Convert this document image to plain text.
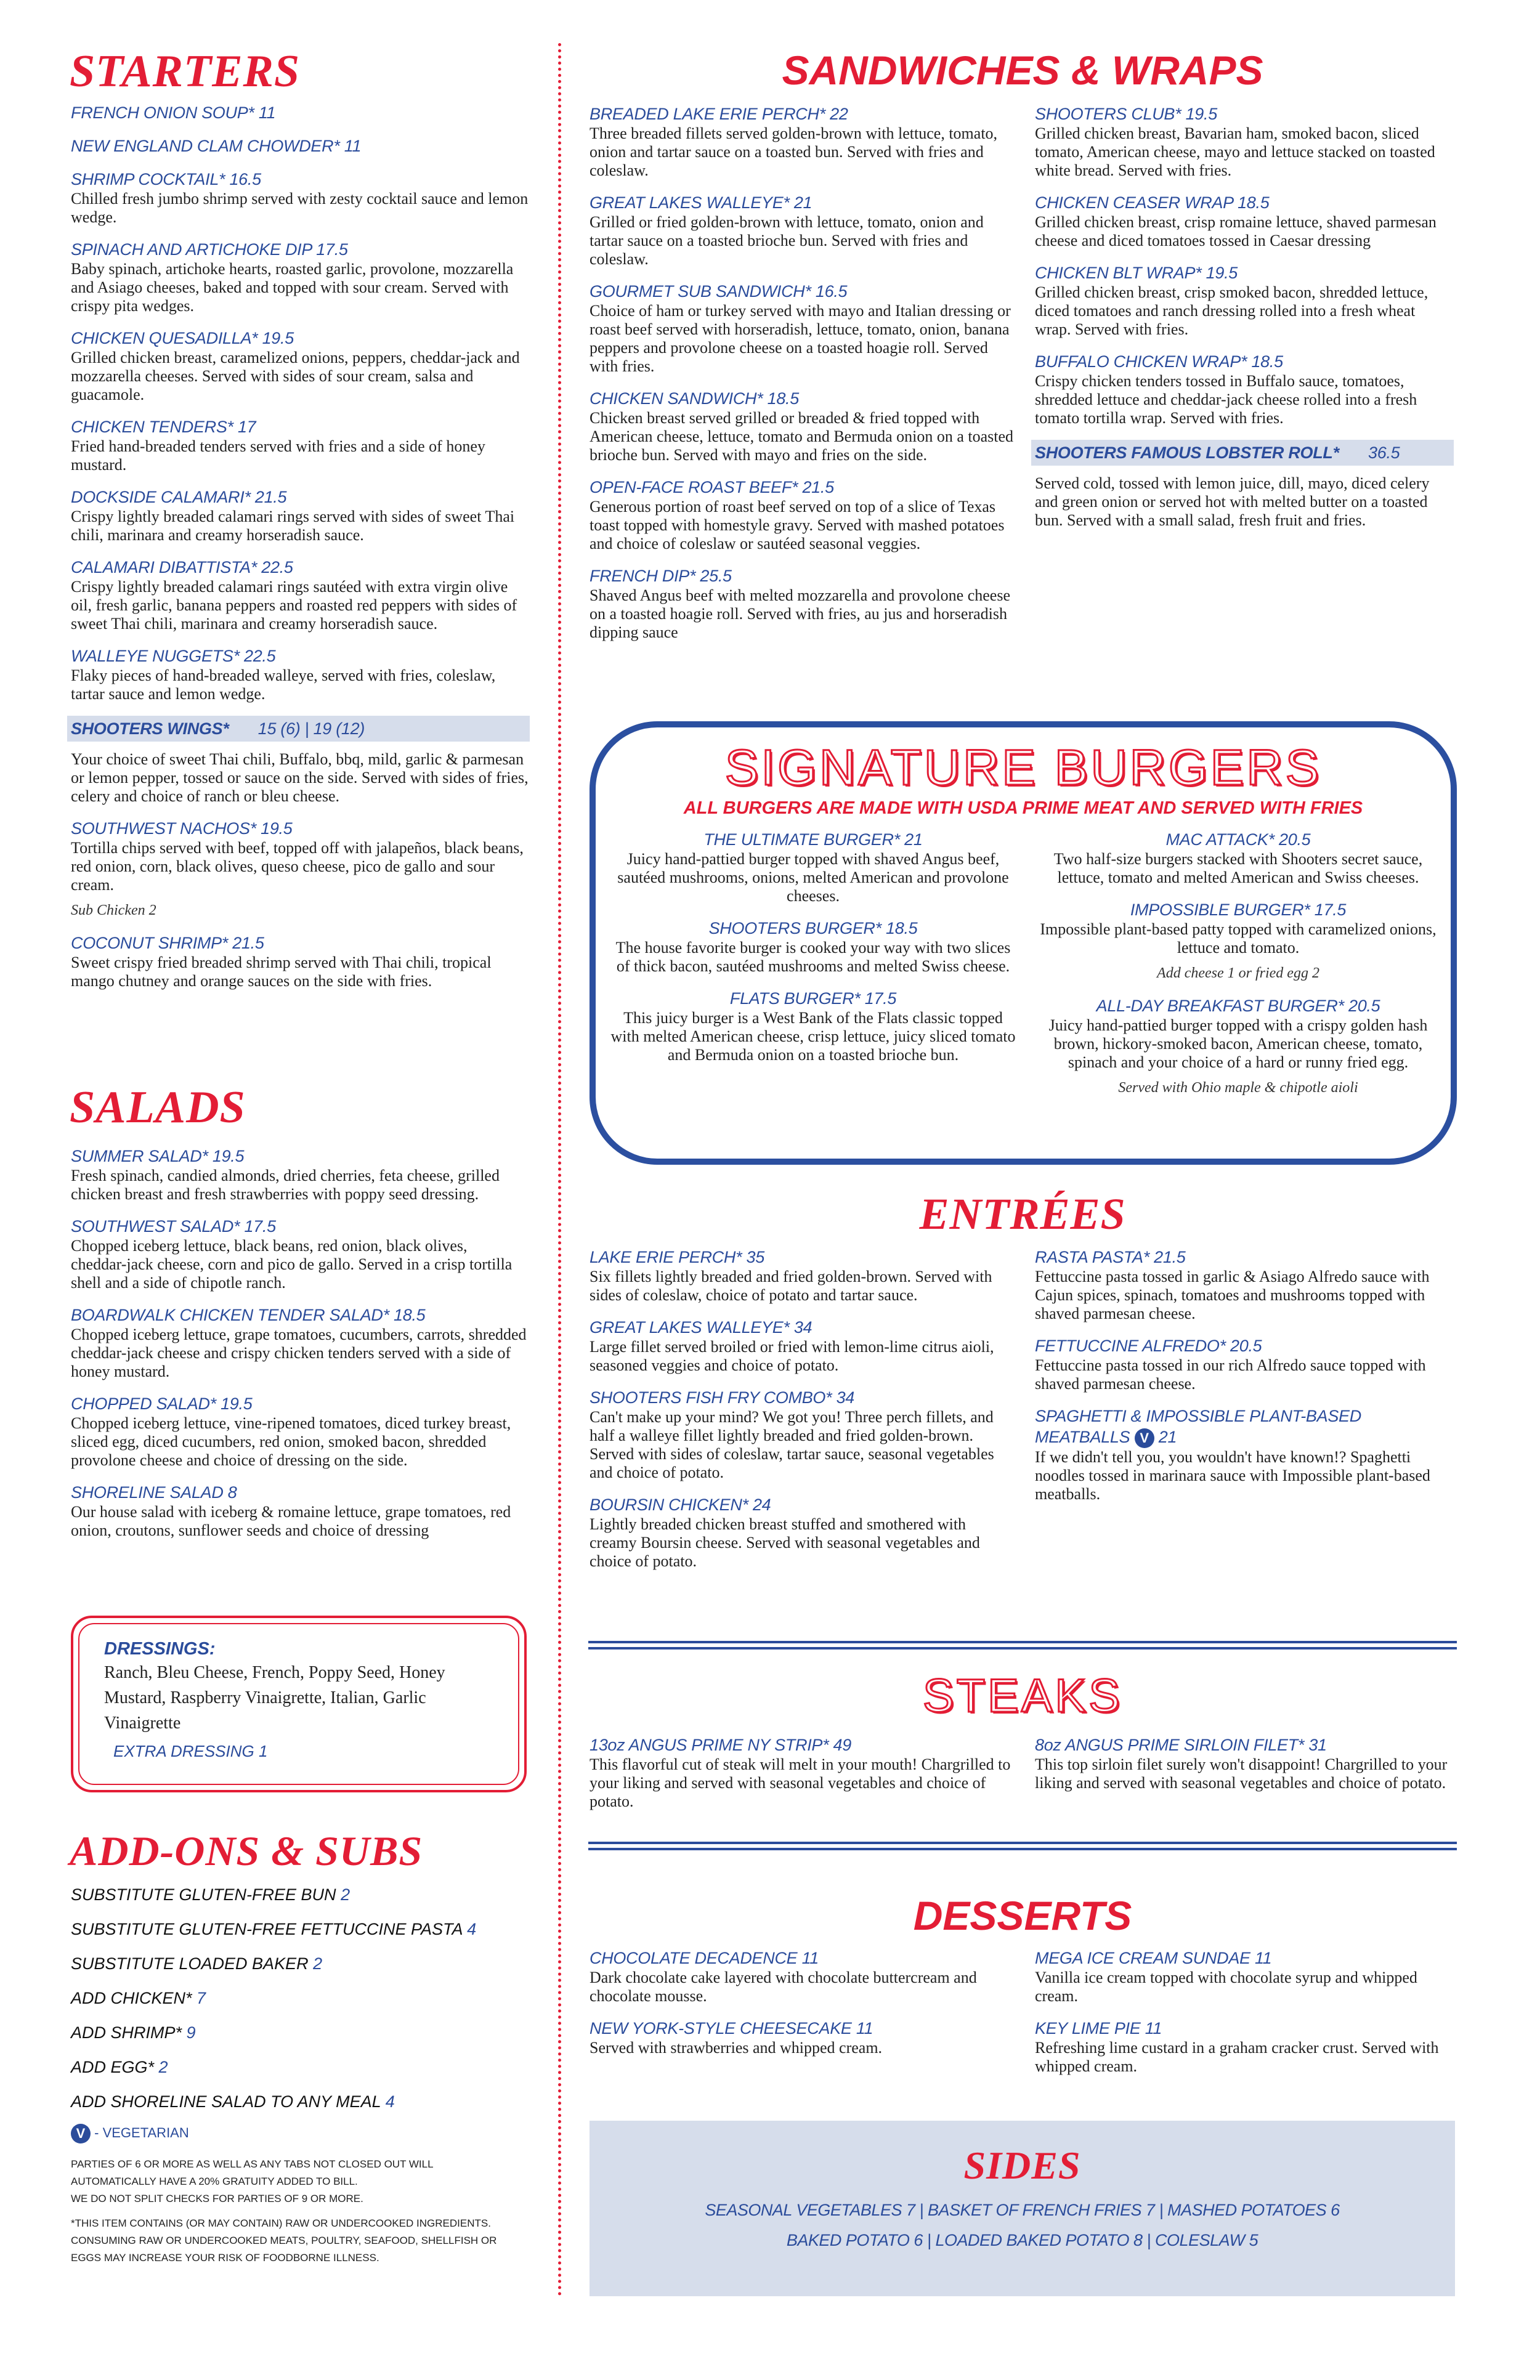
STARTERS
FRENCH ONION SOUP* 11
NEW ENGLAND CLAM CHOWDER* 11
SHRIMP COCKTAIL* 16.5
Chilled fresh jumbo shrimp served with zesty cocktail sauce and lemon wedge.
SPINACH AND ARTICHOKE DIP 17.5
Baby spinach, artichoke hearts, roasted garlic, provolone, mozzarella and Asiago cheeses, baked and topped with sour cream. Served with crispy pita wedges.
CHICKEN QUESADILLA* 19.5
Grilled chicken breast, caramelized onions, peppers, cheddar-jack and mozzarella cheeses. Served with sides of sour cream, salsa and guacamole.
CHICKEN TENDERS* 17
Fried hand-breaded tenders served with fries and a side of honey mustard.
DOCKSIDE CALAMARI* 21.5
Crispy lightly breaded calamari rings served with sides of sweet Thai chili, marinara and creamy horseradish sauce.
CALAMARI DIBATTISTA* 22.5
Crispy lightly breaded calamari rings sautéed with extra virgin olive oil, fresh garlic, banana peppers and roasted red peppers with sides of sweet Thai chili, marinara and creamy horseradish sauce.
WALLEYE NUGGETS* 22.5
Flaky pieces of hand-breaded walleye, served with fries, coleslaw, tartar sauce and lemon wedge.
SHOOTERS WINGS* 15 (6) | 19 (12)
Your choice of sweet Thai chili, Buffalo, bbq, mild, garlic & parmesan or lemon pepper, tossed or sauce on the side. Served with sides of fries, celery and choice of ranch or bleu cheese.
SOUTHWEST NACHOS* 19.5
Tortilla chips served with beef, topped off with jalapeños, black beans, red onion, corn, black olives, queso cheese, pico de gallo and sour cream.
Sub Chicken 2
COCONUT SHRIMP* 21.5
Sweet crispy fried breaded shrimp served with Thai chili, tropical mango chutney and orange sauces on the side with fries.
SALADS
SUMMER SALAD* 19.5
Fresh spinach, candied almonds, dried cherries, feta cheese, grilled chicken breast and fresh strawberries with poppy seed dressing.
SOUTHWEST SALAD* 17.5
Chopped iceberg lettuce, black beans, red onion, black olives, cheddar-jack cheese, corn and pico de gallo. Served in a crisp tortilla shell and a side of chipotle ranch.
BOARDWALK CHICKEN TENDER SALAD* 18.5
Chopped iceberg lettuce, grape tomatoes, cucumbers, carrots, shredded cheddar-jack cheese and crispy chicken tenders served with a side of honey mustard.
CHOPPED SALAD* 19.5
Chopped iceberg lettuce, vine-ripened tomatoes, diced turkey breast, sliced egg, diced cucumbers, red onion, smoked bacon, shredded provolone cheese and choice of dressing on the side.
SHORELINE SALAD 8
Our house salad with iceberg & romaine lettuce, grape tomatoes, red onion, croutons, sunflower seeds and choice of dressing
DRESSINGS:
Ranch, Bleu Cheese, French, Poppy Seed, Honey Mustard, Raspberry Vinaigrette, Italian, Garlic Vinaigrette
EXTRA DRESSING 1
ADD-ONS & SUBS
SUBSTITUTE GLUTEN-FREE BUN 2
SUBSTITUTE GLUTEN-FREE FETTUCCINE PASTA 4
SUBSTITUTE LOADED BAKER 2
ADD CHICKEN* 7
ADD SHRIMP* 9
ADD EGG* 2
ADD SHORELINE SALAD TO ANY MEAL 4
V - VEGETARIAN
PARTIES OF 6 OR MORE AS WELL AS ANY TABS NOT CLOSED OUT WILL
AUTOMATICALLY HAVE A 20% GRATUITY ADDED TO BILL.
WE DO NOT SPLIT CHECKS FOR PARTIES OF 9 OR MORE.
*THIS ITEM CONTAINS (OR MAY CONTAIN) RAW OR UNDERCOOKED INGREDIENTS.
CONSUMING RAW OR UNDERCOOKED MEATS, POULTRY, SEAFOOD, SHELLFISH OR
EGGS MAY INCREASE YOUR RISK OF FOODBORNE ILLNESS.
SANDWICHES & WRAPS
BREADED LAKE ERIE PERCH* 22
Three breaded fillets served golden-brown with lettuce, tomato, onion and tartar sauce on a toasted bun. Served with fries and coleslaw.
GREAT LAKES WALLEYE* 21
Grilled or fried golden-brown with lettuce, tomato, onion and tartar sauce on a toasted brioche bun. Served with fries and coleslaw.
GOURMET SUB SANDWICH* 16.5
Choice of ham or turkey served with mayo and Italian dressing or roast beef served with horseradish, lettuce, tomato, onion, banana peppers and provolone cheese on a toasted hoagie roll. Served with fries.
CHICKEN SANDWICH* 18.5
Chicken breast served grilled or breaded & fried topped with American cheese, lettuce, tomato and Bermuda onion on a toasted brioche bun. Served with mayo and fries on the side.
OPEN-FACE ROAST BEEF* 21.5
Generous portion of roast beef served on top of a slice of Texas toast topped with homestyle gravy. Served with mashed potatoes and choice of coleslaw or sautéed seasonal veggies.
FRENCH DIP* 25.5
Shaved Angus beef with melted mozzarella and provolone cheese on a toasted hoagie roll. Served with fries, au jus and horseradish dipping sauce
SHOOTERS CLUB* 19.5
Grilled chicken breast, Bavarian ham, smoked bacon, sliced tomato, American cheese, mayo and lettuce stacked on toasted white bread. Served with fries.
CHICKEN CEASER WRAP 18.5
Grilled chicken breast, crisp romaine lettuce, shaved parmesan cheese and diced tomatoes tossed in Caesar dressing
CHICKEN BLT WRAP* 19.5
Grilled chicken breast, crisp smoked bacon, shredded lettuce, diced tomatoes and ranch dressing rolled into a fresh wheat wrap. Served with fries.
BUFFALO CHICKEN WRAP* 18.5
Crispy chicken tenders tossed in Buffalo sauce, tomatoes, shredded lettuce and cheddar-jack cheese rolled into a fresh tomato tortilla wrap. Served with fries.
SHOOTERS FAMOUS LOBSTER ROLL* 36.5
Served cold, tossed with lemon juice, dill, mayo, diced celery and green onion or served hot with melted butter on a toasted bun. Served with a small salad, fresh fruit and fries.
SIGNATURE BURGERS
ALL BURGERS ARE MADE WITH USDA PRIME MEAT AND SERVED WITH FRIES
THE ULTIMATE BURGER* 21
Juicy hand-pattied burger topped with shaved Angus beef, sautéed mushrooms, onions, melted American and provolone cheeses.
SHOOTERS BURGER* 18.5
The house favorite burger is cooked your way with two slices of thick bacon, sautéed mushrooms and melted Swiss cheese.
FLATS BURGER* 17.5
This juicy burger is a West Bank of the Flats classic topped with melted American cheese, crisp lettuce, juicy sliced tomato and Bermuda onion on a toasted brioche bun.
MAC ATTACK* 20.5
Two half-size burgers stacked with Shooters secret sauce, lettuce, tomato and melted American and Swiss cheeses.
IMPOSSIBLE BURGER* 17.5
Impossible plant-based patty topped with caramelized onions, lettuce and tomato.
Add cheese 1 or fried egg 2
ALL-DAY BREAKFAST BURGER* 20.5
Juicy hand-pattied burger topped with a crispy golden hash brown, hickory-smoked bacon, American cheese, tomato, spinach and your choice of a hard or runny fried egg.
Served with Ohio maple & chipotle aioli
ENTRÉES
LAKE ERIE PERCH* 35
Six fillets lightly breaded and fried golden-brown. Served with sides of coleslaw, choice of potato and tartar sauce.
GREAT LAKES WALLEYE* 34
Large fillet served broiled or fried with lemon-lime citrus aioli, seasoned veggies and choice of potato.
SHOOTERS FISH FRY COMBO* 34
Can't make up your mind? We got you! Three perch fillets, and half a walleye fillet lightly breaded and fried golden-brown. Served with sides of coleslaw, tartar sauce, seasonal vegetables and choice of potato.
BOURSIN CHICKEN* 24
Lightly breaded chicken breast stuffed and smothered with creamy Boursin cheese. Served with seasonal vegetables and choice of potato.
RASTA PASTA* 21.5
Fettuccine pasta tossed in garlic & Asiago Alfredo sauce with Cajun spices, spinach, tomatoes and mushrooms topped with shaved parmesan cheese.
FETTUCCINE ALFREDO* 20.5
Fettuccine pasta tossed in our rich Alfredo sauce topped with shaved parmesan cheese.
SPAGHETTI & IMPOSSIBLE PLANT-BASED MEATBALLS V 21
If we didn't tell you, you wouldn't have known!? Spaghetti noodles tossed in marinara sauce with Impossible plant-based meatballs.
STEAKS
13oz ANGUS PRIME NY STRIP* 49
This flavorful cut of steak will melt in your mouth! Chargrilled to your liking and served with seasonal vegetables and choice of potato.
8oz ANGUS PRIME SIRLOIN FILET* 31
This top sirloin filet surely won't disappoint! Chargrilled to your liking and served with seasonal vegetables and choice of potato.
DESSERTS
CHOCOLATE DECADENCE 11
Dark chocolate cake layered with chocolate buttercream and chocolate mousse.
NEW YORK-STYLE CHEESECAKE 11
Served with strawberries and whipped cream.
MEGA ICE CREAM SUNDAE 11
Vanilla ice cream topped with chocolate syrup and whipped cream.
KEY LIME PIE 11
Refreshing lime custard in a graham cracker crust. Served with whipped cream.
SIDES
SEASONAL VEGETABLES 7 | BASKET OF FRENCH FRIES 7 | MASHED POTATOES 6
BAKED POTATO 6 | LOADED BAKED POTATO 8 | COLESLAW 5
